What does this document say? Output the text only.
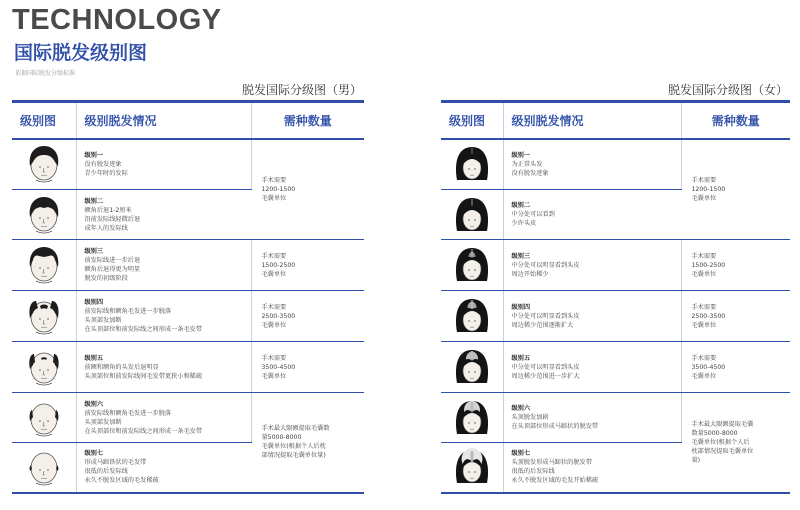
TECHNOLOGY
国际脱发级别图
依据国际脱发分级标准
脱发国际分级图（男）
级别图	级别脱发情况	需种数量

级别一
没有脱发迹象
青少年时的发际	手术需要
1200-1500
毛囊单位

级别二
额角后退1-2厘米
沿前发际线轻微后退
成年人的发际线	

级别三
前发际线进一步后退
额角后退得更为明显
脱发的初级阶段	手术需要
1500-2500
毛囊单位

级别四
前发际线和额角毛发进一步脱落
头顶部发加断
在头顶部位和前发际线之间形成一条毛发带	手术需要
2500-3500
毛囊单位

级别五
前额和额角的头发后退明显
头顶部位和前发际线间毛发带更狭小和稀疏	手术需要
3500-4500
毛囊单位

级别六
前发际线和额角毛发进一步脱落
头顶部发加断
在头顶部位和前发际线之间形成一条毛发带	手术最大限额提取毛囊数
量5000-8000
毛囊单位(根据个人后枕
部情况提取毛囊单位量)

级别七
形成马蹄铁状的毛发带
很低的后发际线
永久不脱发区域的毛发稀疏	
脱发国际分级图（女）
级别图	级别脱发情况	需种数量

级别一
为正常头发
没有脱发迹象	手术需要
1200-1500
毛囊单位

级别二
中分处可以看到
少许头皮	

级别三
中分处可以明显看到头皮
周边开始稀少	手术需要
1500-2500
毛囊单位

级别四
中分处可以明显看到头皮
周边稀少范围逐渐扩大	手术需要
2500-3500
毛囊单位

级别五
中分处可以明显看到头皮
周边稀少范围进一步扩大	手术需要
3500-4500
毛囊单位

级别六
头顶脱发加剧
在头顶部位形成马蹄状的脱发带	手术最大限额提取毛囊
数量5000-8000
毛囊单位(根据个人后
枕部情况提取毛囊单位
量)

级别七
头顶脱发形成马蹄状的脱发带
很低的后发际线
永久不脱发区域的毛发开始稀疏	
